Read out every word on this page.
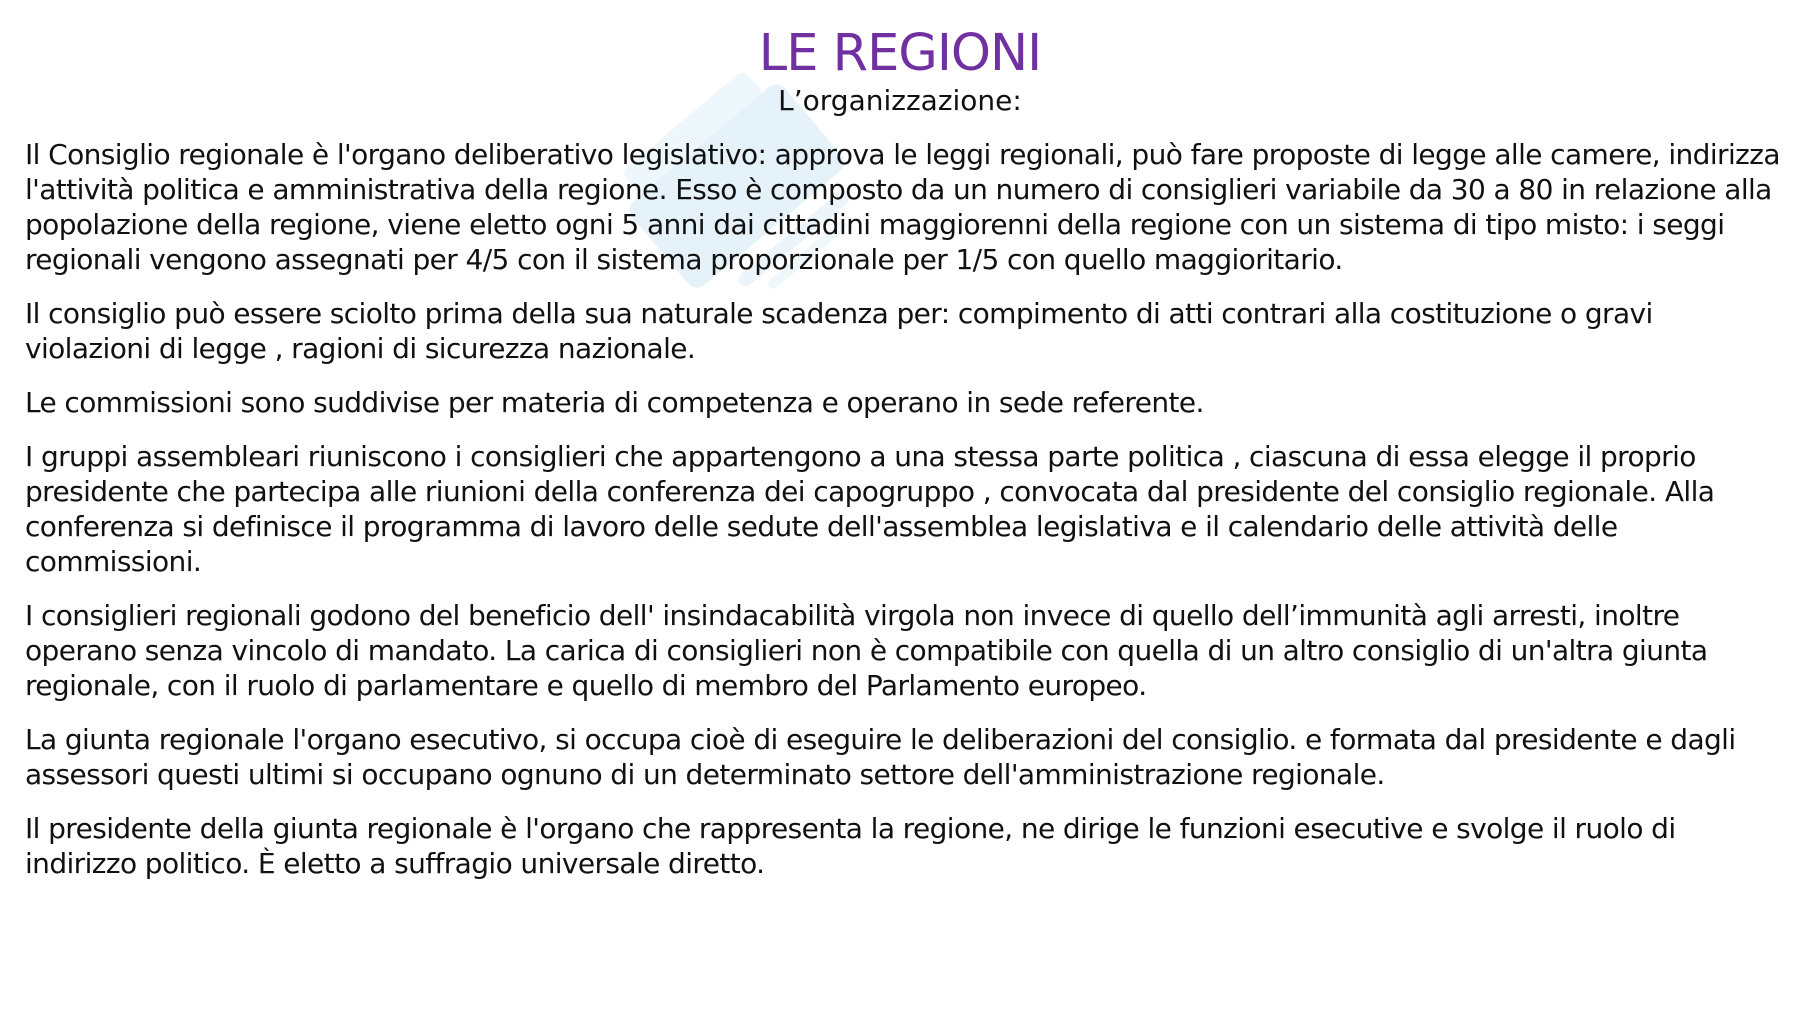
LE REGIONI
L’organizzazione:

Il Consiglio regionale è l'organo deliberativo legislativo: approva le leggi regionali, può fare proposte di legge alle camere, indirizza l'attività politica e amministrativa della regione. Esso è composto da un numero di consiglieri variabile da 30 a 80 in relazione alla popolazione della regione, viene eletto ogni 5 anni dai cittadini maggiorenni della regione con un sistema di tipo misto: i seggi regionali vengono assegnati per 4/5 con il sistema proporzionale per 1/5 con quello maggioritario.

Il consiglio può essere sciolto prima della sua naturale scadenza per: compimento di atti contrari alla costituzione o gravi violazioni di legge , ragioni di sicurezza nazionale.

Le commissioni sono suddivise per materia di competenza e operano in sede referente.

I gruppi assembleari riuniscono i consiglieri che appartengono a una stessa parte politica , ciascuna di essa elegge il proprio presidente che partecipa alle riunioni della conferenza dei capogruppo , convocata dal presidente del consiglio regionale. Alla conferenza si definisce il programma di lavoro delle sedute dell'assemblea legislativa e il calendario delle attività delle commissioni.

I consiglieri regionali godono del beneficio dell' insindacabilità virgola non invece di quello dell’immunità agli arresti, inoltre operano senza vincolo di mandato. La carica di consiglieri non è compatibile con quella di un altro consiglio di un'altra giunta regionale, con il ruolo di parlamentare e quello di membro del Parlamento europeo.

La giunta regionale l'organo esecutivo, si occupa cioè di eseguire le deliberazioni del consiglio. e formata dal presidente e dagli assessori questi ultimi si occupano ognuno di un determinato settore dell'amministrazione regionale.

Il presidente della giunta regionale è l'organo che rappresenta la regione, ne dirige le funzioni esecutive e svolge il ruolo di indirizzo politico. È eletto a suffragio universale diretto.
